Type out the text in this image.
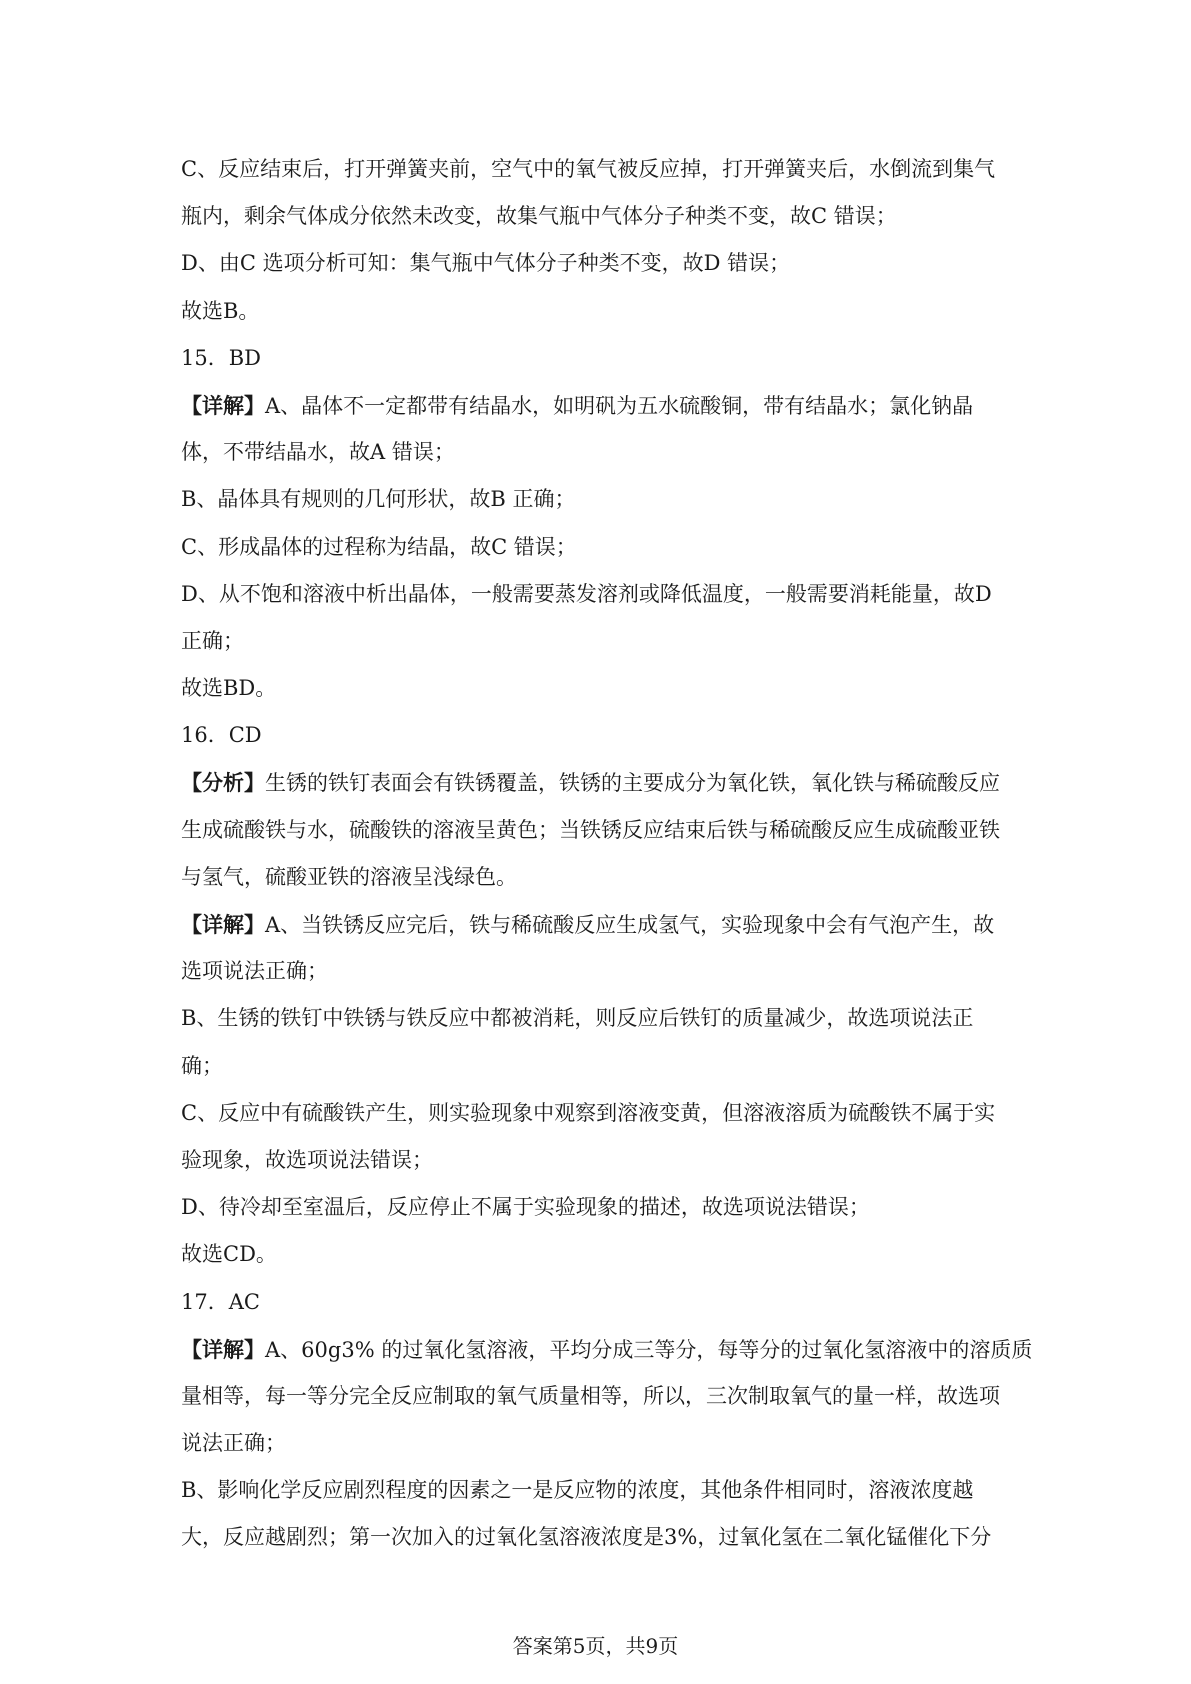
C、反应结束后，打开弹簧夹前，空气中的氧气被反应掉，打开弹簧夹后，水倒流到集气
瓶内，剩余气体成分依然未改变，故集气瓶中气体分子种类不变，故C 错误；
D、由C 选项分析可知：集气瓶中气体分子种类不变，故D 错误；
故选B。
15．BD
【详解】A、晶体不一定都带有结晶水，如明矾为五水硫酸铜，带有结晶水；氯化钠晶
体，不带结晶水，故A 错误；
B、晶体具有规则的几何形状，故B 正确；
C、形成晶体的过程称为结晶，故C 错误；
D、从不饱和溶液中析出晶体，一般需要蒸发溶剂或降低温度，一般需要消耗能量，故D
正确；
故选BD。
16．CD
【分析】生锈的铁钉表面会有铁锈覆盖，铁锈的主要成分为氧化铁，氧化铁与稀硫酸反应
生成硫酸铁与水，硫酸铁的溶液呈黄色；当铁锈反应结束后铁与稀硫酸反应生成硫酸亚铁
与氢气，硫酸亚铁的溶液呈浅绿色。
【详解】A、当铁锈反应完后，铁与稀硫酸反应生成氢气，实验现象中会有气泡产生，故
选项说法正确；
B、生锈的铁钉中铁锈与铁反应中都被消耗，则反应后铁钉的质量减少，故选项说法正
确；
C、反应中有硫酸铁产生，则实验现象中观察到溶液变黄，但溶液溶质为硫酸铁不属于实
验现象，故选项说法错误；
D、待冷却至室温后，反应停止不属于实验现象的描述，故选项说法错误；
故选CD。
17．AC
【详解】A、60g3% 的过氧化氢溶液，平均分成三等分，每等分的过氧化氢溶液中的溶质质
量相等，每一等分完全反应制取的氧气质量相等，所以，三次制取氧气的量一样，故选项
说法正确；
B、影响化学反应剧烈程度的因素之一是反应物的浓度，其他条件相同时，溶液浓度越
大，反应越剧烈；第一次加入的过氧化氢溶液浓度是3%，过氧化氢在二氧化锰催化下分
答案第5页，共9页
